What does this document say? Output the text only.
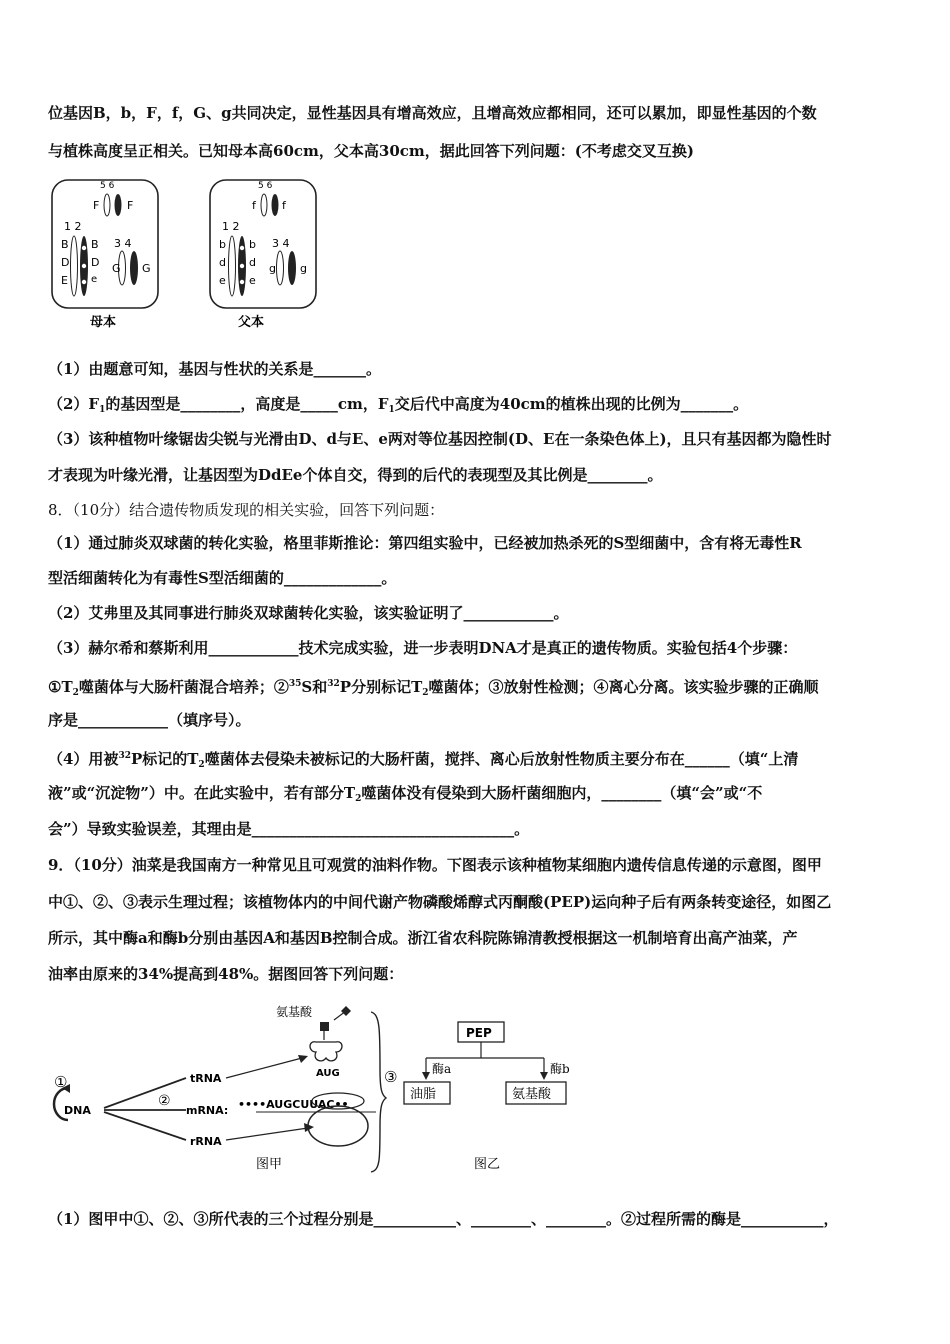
位基因B，b，F，f，G、g共同决定，显性基因具有增高效应，且增高效应都相同，还可以累加，即显性基因的个数
与植株高度呈正相关。已知母本高60cm，父本高30cm，据此回答下列问题：(不考虑交叉互换)
5 6
F	F
1 2
B
D
E
B
D
e
3 4
G G
5 6
f f
1 2
b
d
e
b
d
e
3 4
g g
母本	父本
（1）由题意可知，基因与性状的关系是_______。
$(2)F_1$的基因型是________，高度是_____cm，$F_1$交后代中高度为40cm的植株出现的比例为_______。
（3）该种植物叶缘锯齿尖锐与光滑由D、d与E、e两对等位基因控制(D、E在一条染色体上)，且只有基因都为隐性时
才表现为叶缘光滑，让基因型为DdEe个体自交，得到的后代的表现型及其比例是________。
8．（10分）结合遗传物质发现的相关实验，回答下列问题：
（1）通过肺炎双球菌的转化实验，格里菲斯推论：第四组实验中，已经被加热杀死的S型细菌中，含有将无毒性R
型活细菌转化为有毒性S型活细菌的_____________。
（2）艾弗里及其同事进行肺炎双球菌转化实验，该实验证明了____________。
（3）赫尔希和蔡斯利用____________技术完成实验，进一步表明DNA才是真正的遗传物质。实验包括4个步骤：
$①T_2$噬菌体与大肠杆菌混合培养；②$^{35}$S和$^{32}$P分别标记$T_2$噬菌体；③放射性检测；④离心分离。该实验步骤的正确顺
序是____________（填序号）。
（4）用被$^{32}$P标记的$T_2$噬菌体去侵染未被标记的大肠杆菌，搅拌、离心后放射性物质主要分布在______（填“上清
液”或“沉淀物”）中。在此实验中，若有部分$T_2$噬菌体没有侵染到大肠杆菌细胞内，________（填“会”或“不
会”）导致实验误差，其理由是___________________________________。
9．（10分）油菜是我国南方一种常见且可观赏的油料作物。下图表示该种植物某细胞内遗传信息传递的示意图，图甲
中①、②、③表示生理过程；该植物体内的中间代谢产物磷酸烯醇式丙酮酸(PEP)运向种子后有两条转变途径，如图乙
所示，其中酶a和酶b分别由基因A和基因B控制合成。浙江省农科院陈锦清教授根据这一机制培育出高产油菜，产
油率由原来的34%提高到48%。据图回答下列问题：
①
DNA
②
tRNA
mRNA:
rRNA
氨基酸
AUG
••••AUGCUUAC••
③
图甲
PEP
酶a	酶b
油脂	氨基酸
图乙
（1）图甲中①、②、③所代表的三个过程分别是___________、________、________。②过程所需的酶是___________，
